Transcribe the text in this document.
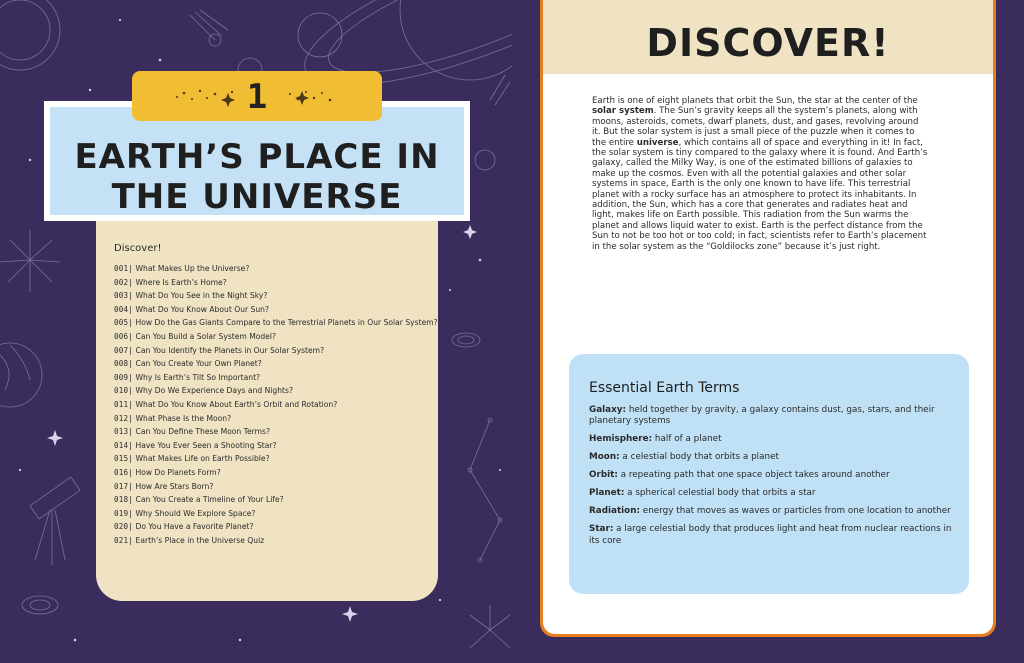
EARTH’S PLACE IN
THE UNIVERSE
1
Discover!
001| What Makes Up the Universe?
002| Where Is Earth’s Home?
003| What Do You See in the Night Sky?
004| What Do You Know About Our Sun?
005| How Do the Gas Giants Compare to the Terrestrial Planets in Our Solar System?
006| Can You Build a Solar System Model?
007| Can You Identify the Planets in Our Solar System?
008| Can You Create Your Own Planet?
009| Why Is Earth’s Tilt So Important?
010| Why Do We Experience Days and Nights?
011| What Do You Know About Earth’s Orbit and Rotation?
012| What Phase Is the Moon?
013| Can You Define These Moon Terms?
014| Have You Ever Seen a Shooting Star?
015| What Makes Life on Earth Possible?
016| How Do Planets Form?
017| How Are Stars Born?
018| Can You Create a Timeline of Your Life?
019| Why Should We Explore Space?
020| Do You Have a Favorite Planet?
021| Earth’s Place in the Universe Quiz
DISCOVER!

Earth is one of eight planets that orbit the Sun, the star at the center of the solar system. The Sun’s gravity keeps all the system’s planets, along with moons, asteroids, comets, dwarf planets, dust, and gases, revolving around it. But the solar system is just a small piece of the puzzle when it comes to the entire universe, which contains all of space and everything in it! In fact, the solar system is tiny compared to the galaxy where it is found. And Earth’s galaxy, called the Milky Way, is one of the estimated billions of galaxies to make up the cosmos. Even with all the potential galaxies and other solar systems in space, Earth is the only one known to have life. This terrestrial planet with a rocky surface has an atmosphere to protect its inhabitants. In addition, the Sun, which has a core that generates and radiates heat and light, makes life on Earth possible. This radiation from the Sun warms the planet and allows liquid water to exist. Earth is the perfect distance from the Sun to not be too hot or too cold; in fact, scientists refer to Earth’s placement in the solar system as the “Goldilocks zone” because it’s just right.

Essential Earth Terms

Galaxy: held together by gravity, a galaxy contains dust, gas, stars, and their planetary systems

Hemisphere: half of a planet

Moon: a celestial body that orbits a planet

Orbit: a repeating path that one space object takes around another

Planet: a spherical celestial body that orbits a star

Radiation: energy that moves as waves or particles from one location to another

Star: a large celestial body that produces light and heat from nuclear reactions in its core
